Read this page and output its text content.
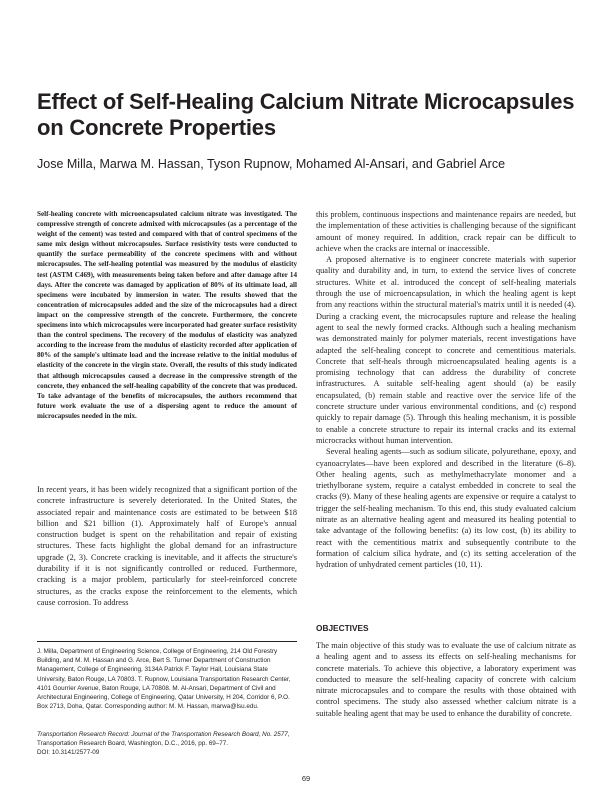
Effect of Self-Healing Calcium Nitrate Microcapsules on Concrete Properties

Jose Milla, Marwa M. Hassan, Tyson Rupnow, Mohamed Al-Ansari, and Gabriel Arce

Self-healing concrete with microencapsulated calcium nitrate was investigated. The compressive strength of concrete admixed with microcapsules (as a percentage of the weight of the cement) was tested and compared with that of control specimens of the same mix design without microcapsules. Surface resistivity tests were conducted to quantify the surface permeability of the concrete specimens with and without microcapsules. The self-healing potential was measured by the modulus of elasticity test (ASTM C469), with measurements being taken before and after damage after 14 days. After the concrete was damaged by application of 80% of its ultimate load, all specimens were incubated by immersion in water. The results showed that the concentration of microcapsules added and the size of the microcapsules had a direct impact on the compressive strength of the concrete. Furthermore, the concrete specimens into which microcapsules were incorporated had greater surface resistivity than the control specimens. The recovery of the modulus of elasticity was analyzed according to the increase from the modulus of elasticity recorded after application of 80% of the sample's ultimate load and the increase relative to the initial modulus of elasticity of the concrete in the virgin state. Overall, the results of this study indicated that although microcapsules caused a decrease in the compressive strength of the concrete, they enhanced the self-healing capability of the concrete that was produced. To take advantage of the benefits of microcapsules, the authors recommend that future work evaluate the use of a dispersing agent to reduce the amount of microcapsules needed in the mix.

In recent years, it has been widely recognized that a significant portion of the concrete infrastructure is severely deteriorated. In the United States, the associated repair and maintenance costs are estimated to be between $18 billion and $21 billion (1). Approximately half of Europe's annual construction budget is spent on the rehabilitation and repair of existing structures. These facts highlight the global demand for an infrastructure upgrade (2, 3). Concrete cracking is inevitable, and it affects the structure's durability if it is not significantly controlled or reduced. Furthermore, cracking is a major problem, particularly for steel-reinforced concrete structures, as the cracks expose the reinforcement to the elements, which cause corrosion. To address

J. Milla, Department of Engineering Science, College of Engineering, 214 Old Forestry Building, and M. M. Hassan and G. Arce, Bert S. Turner Department of Construction Management, College of Engineering, 3134A Patrick F. Taylor Hall, Louisiana State University, Baton Rouge, LA 70803. T. Rupnow, Louisiana Transportation Research Center, 4101 Gourrier Avenue, Baton Rouge, LA 70808. M. Al-Ansari, Department of Civil and Architectural Engineering, College of Engineering, Qatar University, H 204, Corridor 6, P.O. Box 2713, Doha, Qatar. Corresponding author: M. M. Hassan, marwa@lsu.edu.

Transportation Research Record: Journal of the Transportation Research Board, No. 2577, Transportation Research Board, Washington, D.C., 2016, pp. 69–77.
DOI: 10.3141/2577-09

this problem, continuous inspections and maintenance repairs are needed, but the implementation of these activities is challenging because of the significant amount of money required. In addition, crack repair can be difficult to achieve when the cracks are internal or inaccessible.

A proposed alternative is to engineer concrete materials with superior quality and durability and, in turn, to extend the service lives of concrete structures. White et al. introduced the concept of self-healing materials through the use of microencapsulation, in which the healing agent is kept from any reactions within the structural material's matrix until it is needed (4). During a cracking event, the microcapsules rupture and release the healing agent to seal the newly formed cracks. Although such a healing mechanism was demonstrated mainly for polymer materials, recent investigations have adapted the self-healing concept to concrete and cementitious materials. Concrete that self-heals through microencapsulated healing agents is a promising technology that can address the durability of concrete infrastructures. A suitable self-healing agent should (a) be easily encapsulated, (b) remain stable and reactive over the service life of the concrete structure under various environmental conditions, and (c) respond quickly to repair damage (5). Through this healing mechanism, it is possible to enable a concrete structure to repair its internal cracks and its external microcracks without human intervention.

Several healing agents—such as sodium silicate, polyurethane, epoxy, and cyanoacrylates—have been explored and described in the literature (6–8). Other healing agents, such as methylmethacrylate monomer and a triethylborane system, require a catalyst embedded in concrete to seal the cracks (9). Many of these healing agents are expensive or require a catalyst to trigger the self-healing mechanism. To this end, this study evaluated calcium nitrate as an alternative healing agent and measured its healing potential to take advantage of the following benefits: (a) its low cost, (b) its ability to react with the cementitious matrix and subsequently contribute to the formation of calcium silica hydrate, and (c) its setting acceleration of the hydration of unhydrated cement particles (10, 11).

OBJECTIVES

The main objective of this study was to evaluate the use of calcium nitrate as a healing agent and to assess its effects on self-healing mechanisms for concrete materials. To achieve this objective, a laboratory experiment was conducted to measure the self-healing capacity of concrete with calcium nitrate microcapsules and to compare the results with those obtained with control specimens. The study also assessed whether calcium nitrate is a suitable healing agent that may be used to enhance the durability of concrete.

69
